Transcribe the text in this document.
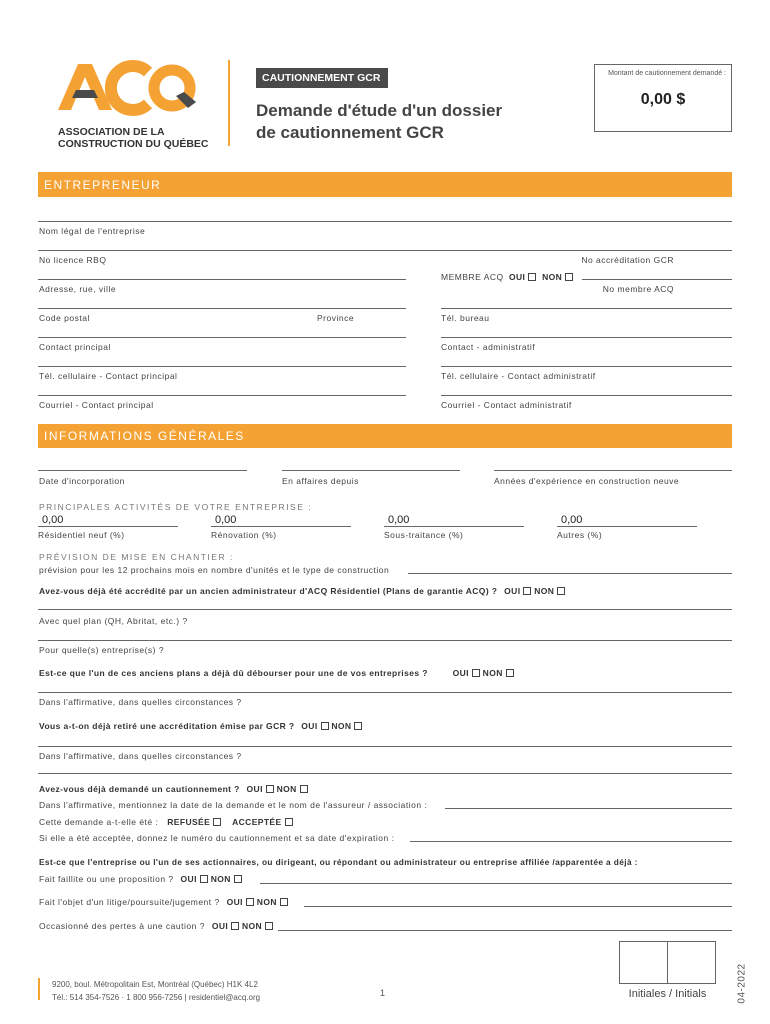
ASSOCIATION DE LA
CONSTRUCTION DU QUÉBEC
CAUTIONNEMENT GCR
Demande d'étude d'un dossier
de cautionnement GCR
Montant de cautionnement demandé :
0,00 $
ENTREPRENEUR
Nom légal de l'entreprise
No licence RBQ	No accréditation GCR
MEMBRE ACQ OUI NON
Adresse, rue, ville	No membre ACQ
Code postal	Province	Tél. bureau
Contact principal	Contact - administratif
Tél. cellulaire - Contact principal	Tél. cellulaire - Contact administratif
Courriel - Contact principal	Courriel - Contact administratif
INFORMATIONS GÉNÉRALES
Date d'incorporation	En affaires depuis	Années d'expérience en construction neuve
PRINCIPALES ACTIVITÉS DE VOTRE ENTREPRISE :
0,00
Résidentiel neuf (%)
0,00
Rénovation (%)
0,00
Sous-traitance (%)
0,00
Autres (%)
PRÉVISION DE MISE EN CHANTIER :
prévision pour les 12 prochains mois en nombre d'unités et le type de construction
Avez-vous déjà été accrédité par un ancien administrateur d'ACQ Résidentiel (Plans de garantie ACQ) ? OUI NON
Avec quel plan (QH, Abritat, etc.) ?
Pour quelle(s) entreprise(s) ?
Est-ce que l'un de ces anciens plans a déjà dû débourser pour une de vos entreprises ?	OUI NON
Dans l'affirmative, dans quelles circonstances ?
Vous a-t-on déjà retiré une accréditation émise par GCR ? OUI NON
Dans l'affirmative, dans quelles circonstances ?
Avez-vous déjà demandé un cautionnement ? OUI NON
Dans l'affirmative, mentionnez la date de la demande et le nom de l'assureur / association :
Cette demande a-t-elle été : REFUSÉE	ACCEPTÉE
Si elle a été acceptée, donnez le numéro du cautionnement et sa date d'expiration :
Est-ce que l'entreprise ou l'un de ses actionnaires, ou dirigeant, ou répondant ou administrateur ou entreprise affiliée /apparentée a déjà :
Fait faillite ou une proposition ? OUI NON
Fait l'objet d'un litige/poursuite/jugement ? OUI NON
Occasionné des pertes à une caution ? OUI NON
9200, boul. Métropolitain Est, Montréal (Québec) H1K 4L2
Tél.: 514 354-7526 · 1 800 956-7256 | residentiel@acq.org	1	Initiales / Initials	04-2022
